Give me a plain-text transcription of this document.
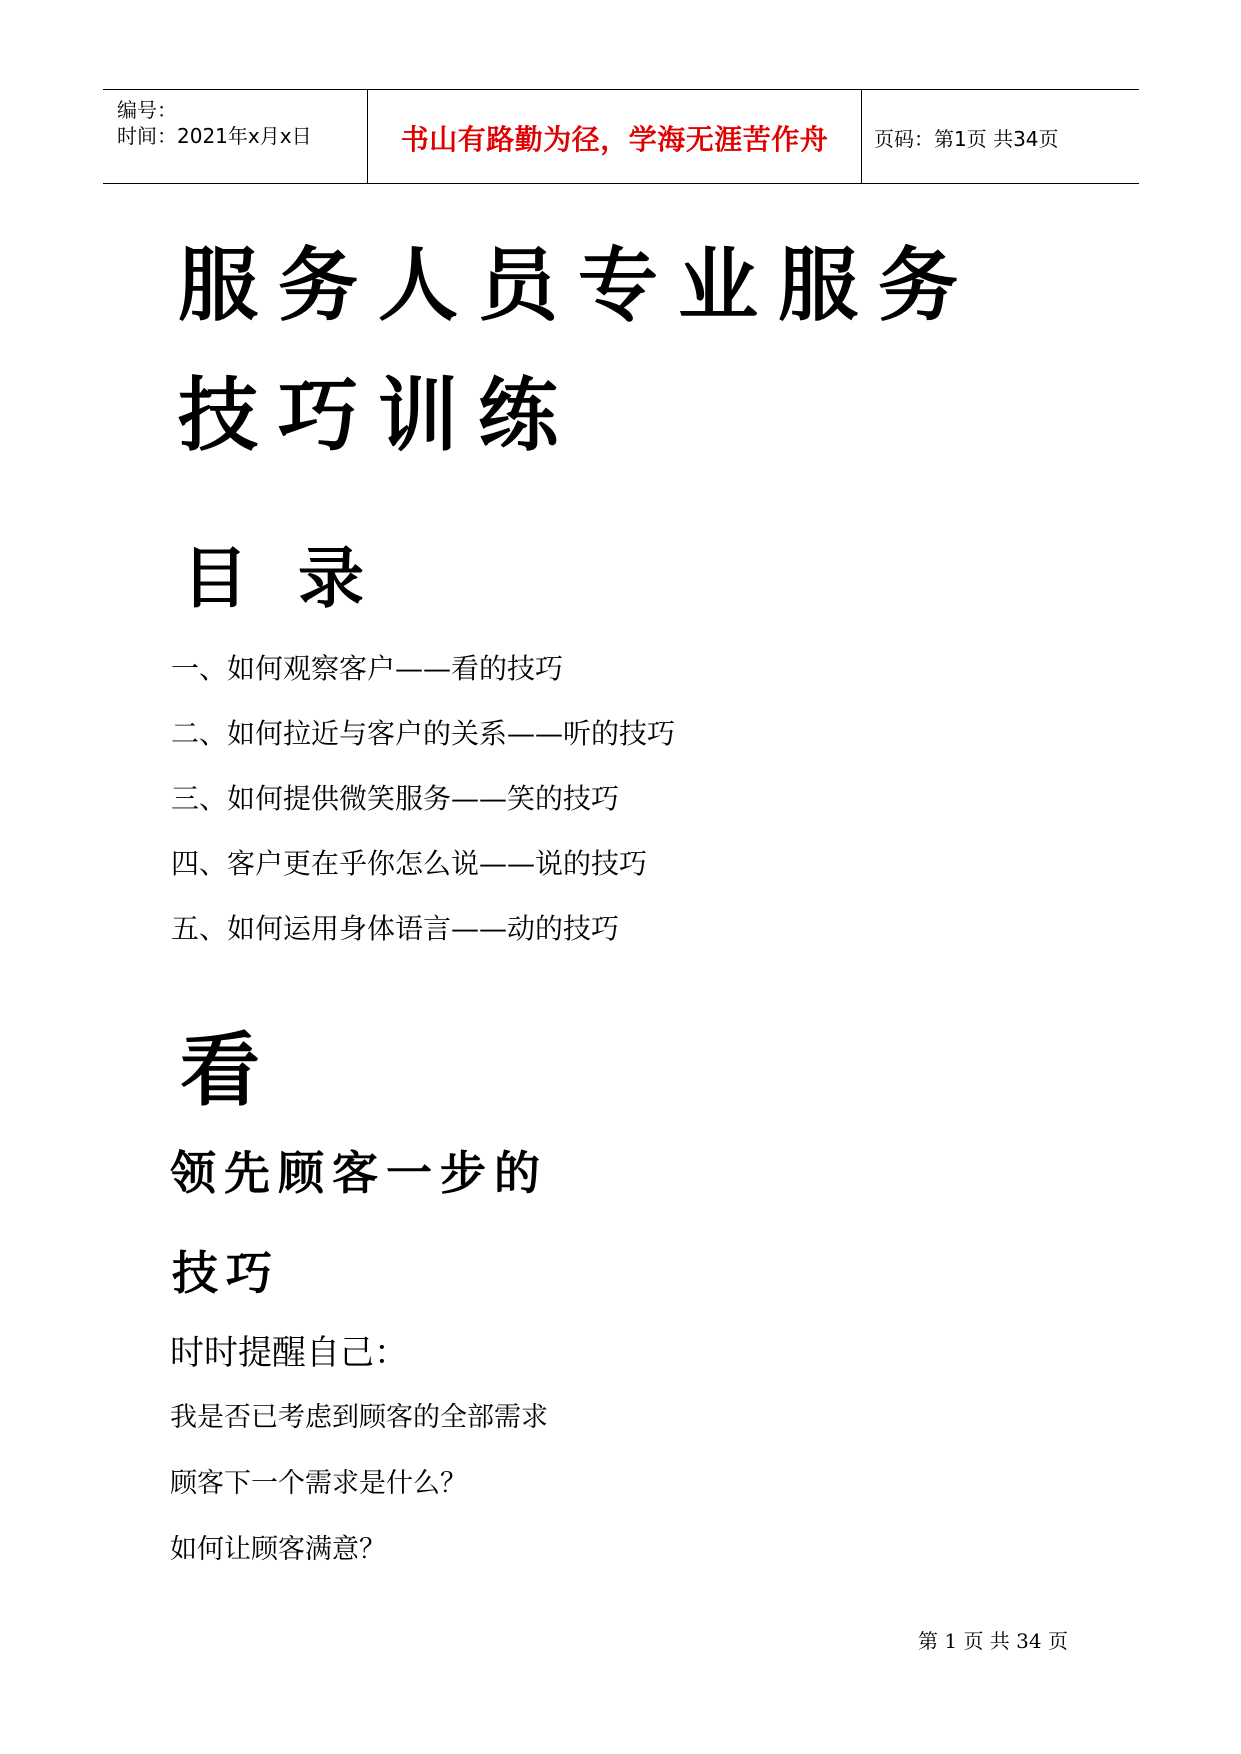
编号：
时间：2021年x月x日	书山有路勤为径，学海无涯苦作舟	页码：第1页 共34页
服务人员专业服务
技巧训练
目录
一、如何观察客户——看的技巧
二、如何拉近与客户的关系——听的技巧
三、如何提供微笑服务——笑的技巧
四、客户更在乎你怎么说——说的技巧
五、如何运用身体语言——动的技巧
看
领先顾客一步的
技巧
时时提醒自己：
我是否已考虑到顾客的全部需求
顾客下一个需求是什么？
如何让顾客满意？
第 1 页 共 34 页
